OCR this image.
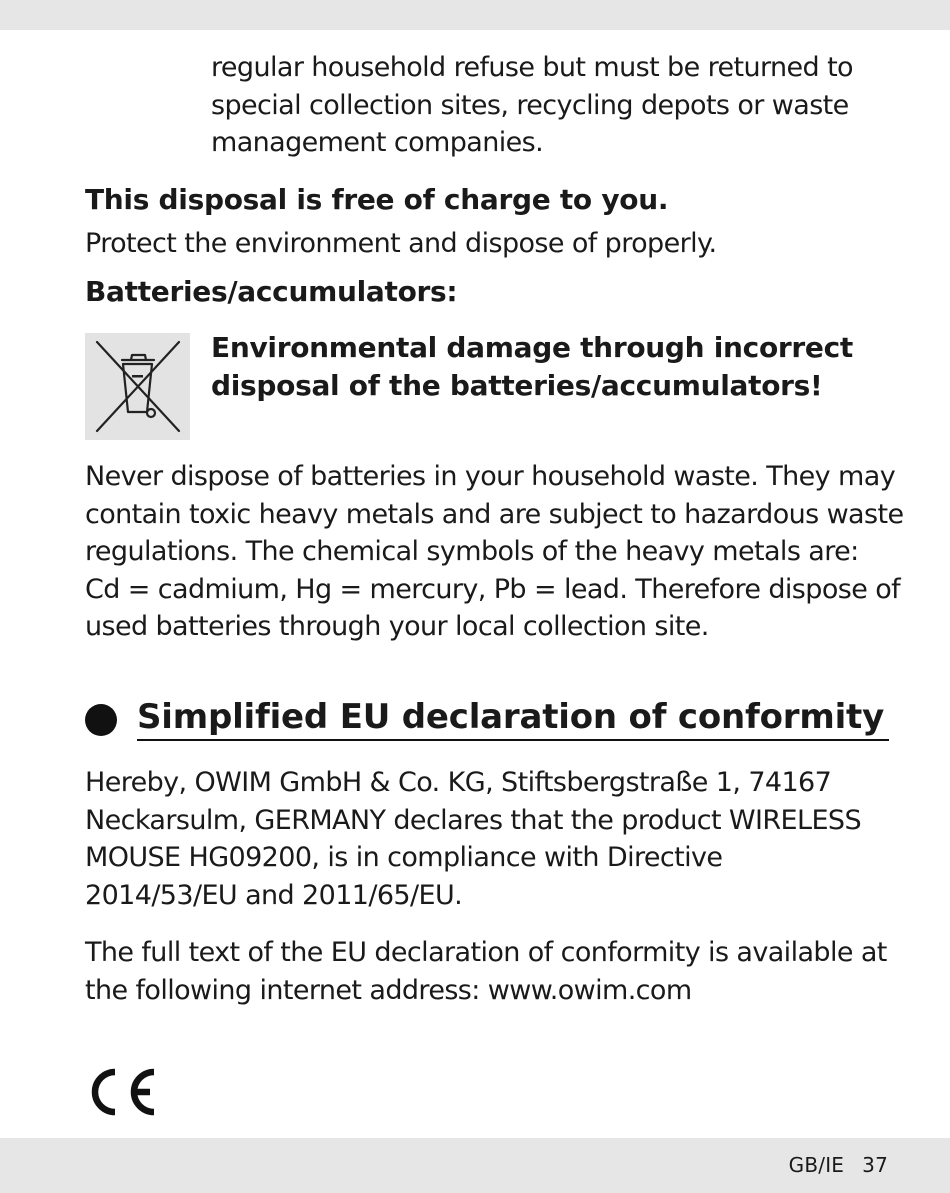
regular household refuse but must be returned to
special collection sites, recycling depots or waste
management companies.
This disposal is free of charge to you.
Protect the environment and dispose of properly.
Batteries/accumulators:
Environmental damage through incorrect
disposal of the batteries/accumulators!
Never dispose of batteries in your household waste. They may
contain toxic heavy metals and are subject to hazardous waste
regulations. The chemical symbols of the heavy metals are:
Cd = cadmium, Hg = mercury, Pb = lead. Therefore dispose of
used batteries through your local collection site.
Simplified EU declaration of conformity
Hereby, OWIM GmbH & Co. KG, Stiftsbergstraße 1, 74167
Neckarsulm, GERMANY declares that the product WIRELESS
MOUSE HG09200, is in compliance with Directive
2014/53/EU and 2011/65/EU.
The full text of the EU declaration of conformity is available at
the following internet address: www.owim.com
GB/IE 37
